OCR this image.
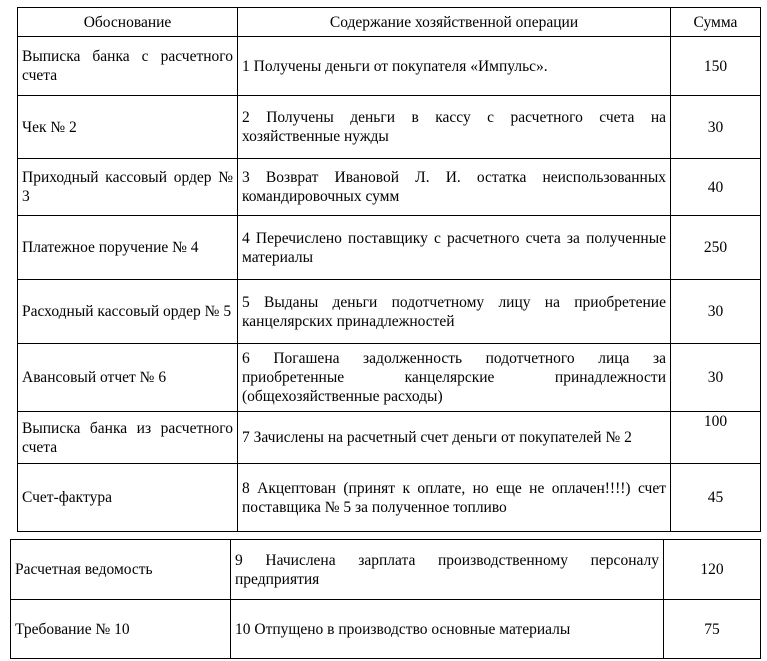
Обоснование	Содержание хозяйственной операции	Сумма
Выписка банка с расчетного счета	1 Получены деньги от покупателя «Импульс».	150
Чек № 2	2 Получены деньги в кассу с расчетного счета на хозяйственные нужды	30
Приходный кассовый ордер № 3	3 Возврат Ивановой Л. И. остатка неиспользованных командировочных сумм	40
Платежное поручение № 4	4 Перечислено поставщику с расчетного счета за полученные материалы	250
Расходный кассовый ордер № 5	5 Выданы деньги подотчетному лицу на приобретение канцелярских принадлежностей	30
Авансовый отчет № 6	6 Погашена задолженность подотчетного лица за приобретенные канцелярские принадлежности (общехозяйственные расходы)	30
Выписка банка из расчетного счета	7 Зачислены на расчетный счет деньги от покупателей № 2	100
Счет-фактура	8 Акцептован (принят к оплате, но еще не оплачен!!!!) счет поставщика № 5 за полученное топливо	45
Расчетная ведомость	9 Начислена зарплата производственному персоналу предприятия	120
Требование № 10	10 Отпущено в производство основные материалы	75
